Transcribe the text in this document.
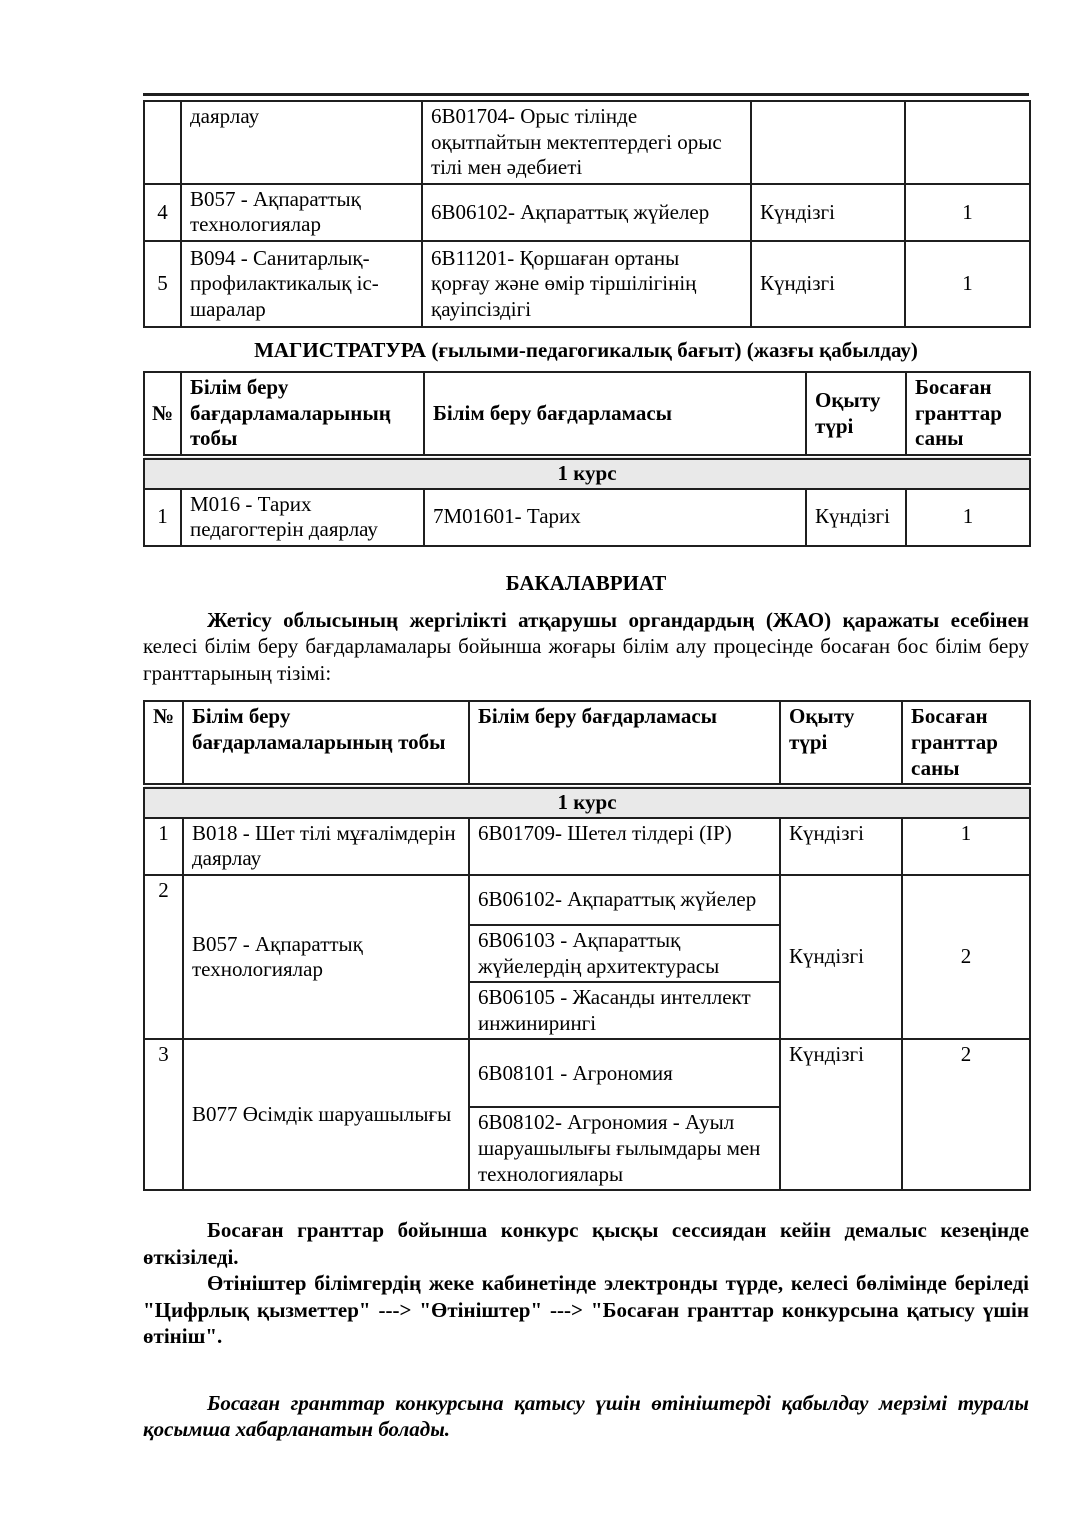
	даярлау	6В01704- Орыс тілінде оқытпайтын мектептердегі орыс тілі мен әдебиеті		
4	В057 - Ақпараттық технологиялар	6В06102- Ақпараттық жүйелер	Күндізгі	1
5	В094 - Санитарлық-профилактикалық іс-шаралар	6В11201- Қоршаған ортаны қорғау және өмір тіршілігінің қауіпсіздігі	Күндізгі	1
МАГИСТРАТУРА (ғылыми-педагогикалық бағыт) (жазғы қабылдау)
№	Білім беру бағдарламаларының тобы	Білім беру бағдарламасы	Оқыту түрі	Босаған гранттар саны
1 курс				
1	М016 - Тарих педагогтерін даярлау	7М01601- Тарих	Күндізгі	1
БАКАЛАВРИАТ

Жетісу облысының жергілікті атқарушы органдардың (ЖАО) қаражаты есебінен келесі білім беру бағдарламалары бойынша жоғары білім алу процесінде босаған бос білім беру гранттарының тізімі:

№	Білім беру бағдарламаларының тобы	Білім беру бағдарламасы	Оқыту түрі	Босаған гранттар саны
1 курс				
1	В018 - Шет тілі мұғалімдерін даярлау	6В01709- Шетел тілдері (IP)	Күндізгі	1
2	В057 - Ақпараттық технологиялар	6В06102- Ақпараттық жүйелер	Күндізгі	2
		6В06103 - Ақпараттық жүйелердің архитектурасы		
		6В06105 - Жасанды интеллект инжинирингі		
3	В077 Өсімдік шаруашылығы	6В08101 - Агрономия	Күндізгі	2
		6В08102- Агрономия - Ауыл шаруашылығы ғылымдары мен технологиялары		

Босаған гранттар бойынша конкурс қысқы сессиядан кейін демалыс кезеңінде өткізіледі.

Өтініштер білімгердің жеке кабинетінде электронды түрде, келесі бөлімінде беріледі "Цифрлық қызметтер" ---> "Өтініштер" ---> "Босаған гранттар конкурсына қатысу үшін өтініш".

Босаған гранттар конкурсына қатысу үшін өтініштерді қабылдау мерзімі туралы қосымша хабарланатын болады.
